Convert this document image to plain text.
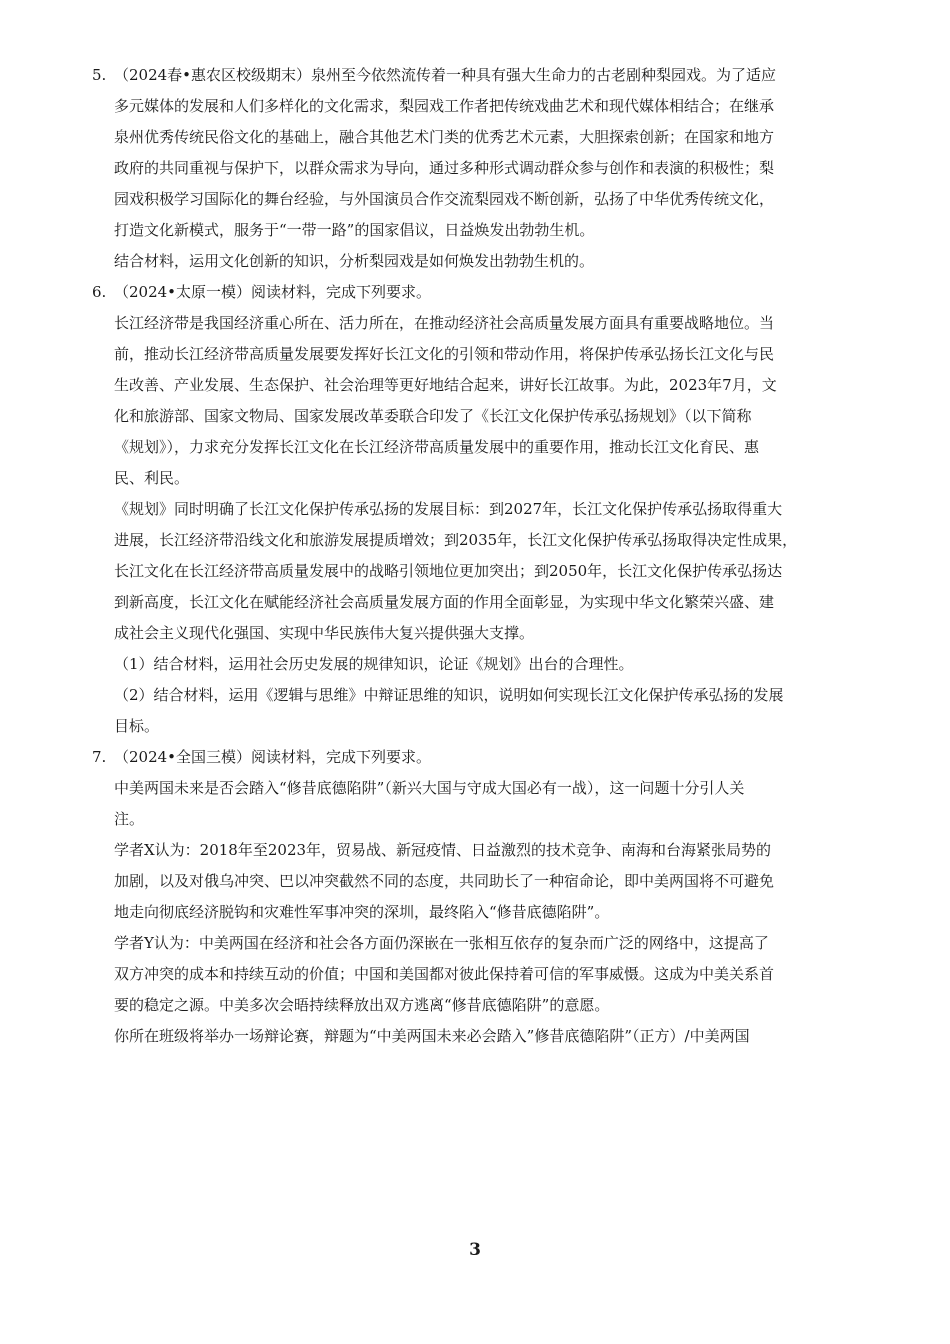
5. （2024春•惠农区校级期末）泉州至今依然流传着一种具有强大生命力的古老剧种梨园戏。为了适应
多元媒体的发展和人们多样化的文化需求，梨园戏工作者把传统戏曲艺术和现代媒体相结合；在继承
泉州优秀传统民俗文化的基础上，融合其他艺术门类的优秀艺术元素，大胆探索创新；在国家和地方
政府的共同重视与保护下，以群众需求为导向，通过多种形式调动群众参与创作和表演的积极性；梨
园戏积极学习国际化的舞台经验，与外国演员合作交流梨园戏不断创新，弘扬了中华优秀传统文化，
打造文化新模式，服务于“一带一路”的国家倡议，日益焕发出勃勃生机。
结合材料，运用文化创新的知识，分析梨园戏是如何焕发出勃勃生机的。
6. （2024•太原一模）阅读材料，完成下列要求。
长江经济带是我国经济重心所在、活力所在，在推动经济社会高质量发展方面具有重要战略地位。当
前，推动长江经济带高质量发展要发挥好长江文化的引领和带动作用，将保护传承弘扬长江文化与民
生改善、产业发展、生态保护、社会治理等更好地结合起来，讲好长江故事。为此，2023年7月，文
化和旅游部、国家文物局、国家发展改革委联合印发了《长江文化保护传承弘扬规划》（以下简称
《规划》），力求充分发挥长江文化在长江经济带高质量发展中的重要作用，推动长江文化育民、惠
民、利民。
《规划》同时明确了长江文化保护传承弘扬的发展目标：到2027年，长江文化保护传承弘扬取得重大
进展，长江经济带沿线文化和旅游发展提质增效；到2035年，长江文化保护传承弘扬取得决定性成果，
长江文化在长江经济带高质量发展中的战略引领地位更加突出；到2050年，长江文化保护传承弘扬达
到新高度，长江文化在赋能经济社会高质量发展方面的作用全面彰显，为实现中华文化繁荣兴盛、建
成社会主义现代化强国、实现中华民族伟大复兴提供强大支撑。
（1）结合材料，运用社会历史发展的规律知识，论证《规划》出台的合理性。
（2）结合材料，运用《逻辑与思维》中辩证思维的知识，说明如何实现长江文化保护传承弘扬的发展
目标。
7. （2024•全国三模）阅读材料，完成下列要求。
中美两国未来是否会踏入“修昔底德陷阱”（新兴大国与守成大国必有一战），这一问题十分引人关
注。
学者X认为：2018年至2023年，贸易战、新冠疫情、日益激烈的技术竞争、南海和台海紧张局势的
加剧，以及对俄乌冲突、巴以冲突截然不同的态度，共同助长了一种宿命论，即中美两国将不可避免
地走向彻底经济脱钩和灾难性军事冲突的深圳，最终陷入“修昔底德陷阱”。
学者Y认为：中美两国在经济和社会各方面仍深嵌在一张相互依存的复杂而广泛的网络中，这提高了
双方冲突的成本和持续互动的价值；中国和美国都对彼此保持着可信的军事威慑。这成为中美关系首
要的稳定之源。中美多次会晤持续释放出双方逃离“修昔底德陷阱”的意愿。
你所在班级将举办一场辩论赛，辩题为“中美两国未来必会踏入”修昔底德陷阱”（正方）/中美两国
3
